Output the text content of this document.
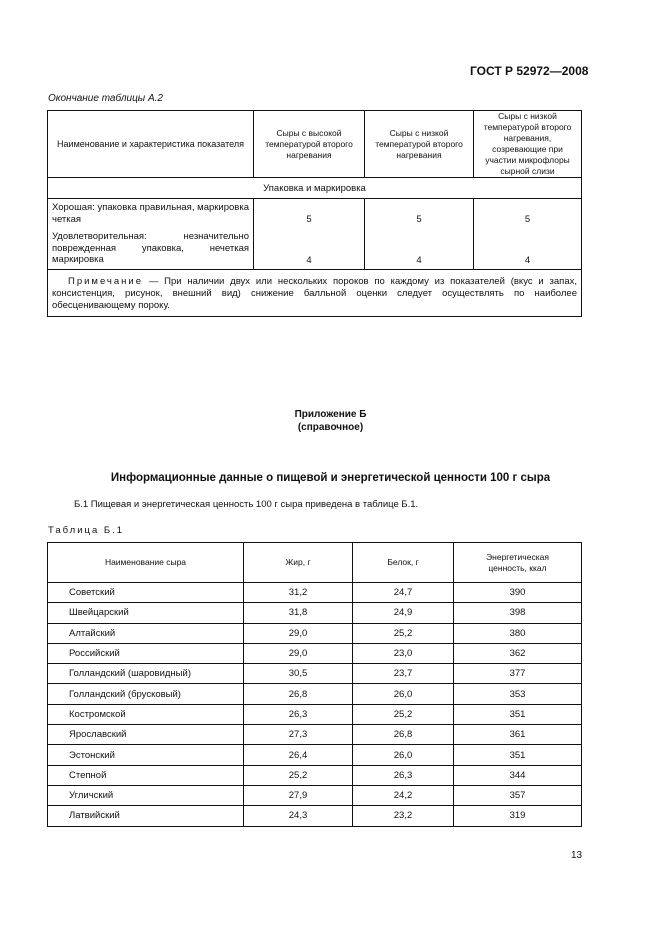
ГОСТ Р 52972—2008
Окончание таблицы А.2
Наименование и характеристика показателя	Сыры с высокой температурой второго нагревания	Сыры с низкой температурой второго нагревания	Сыры с низкой температурой второго нагревания, созревающие при участии микрофлоры сырной слизи
Упаковка и маркировка			
Хорошая: упаковка правильная, маркировка четкая	5	5	5
Удовлетворительная: незначительно поврежденная упаковка, нечеткая маркировка	4	4	4
Примечание — При наличии двух или нескольких пороков по каждому из показателей (вкус и запах, консистенция, рисунок, внешний вид) снижение балльной оценки следует осуществлять по наиболее обесценивающему пороку.			
Приложение Б
(справочное)
Информационные данные о пищевой и энергетической ценности 100 г сыра
Б.1 Пищевая и энергетическая ценность 100 г сыра приведена в таблице Б.1.
Таблица Б.1
Наименование сыра	Жир, г	Белок, г	Энергетическая ценность, ккал
Советский	31,2	24,7	390
Швейцарский	31,8	24,9	398
Алтайский	29,0	25,2	380
Российский	29,0	23,0	362
Голландский (шаровидный)	30,5	23,7	377
Голландский (брусковый)	26,8	26,0	353
Костромской	26,3	25,2	351
Ярославский	27,3	26,8	361
Эстонский	26,4	26,0	351
Степной	25,2	26,3	344
Угличский	27,9	24,2	357
Латвийский	24,3	23,2	319
13
